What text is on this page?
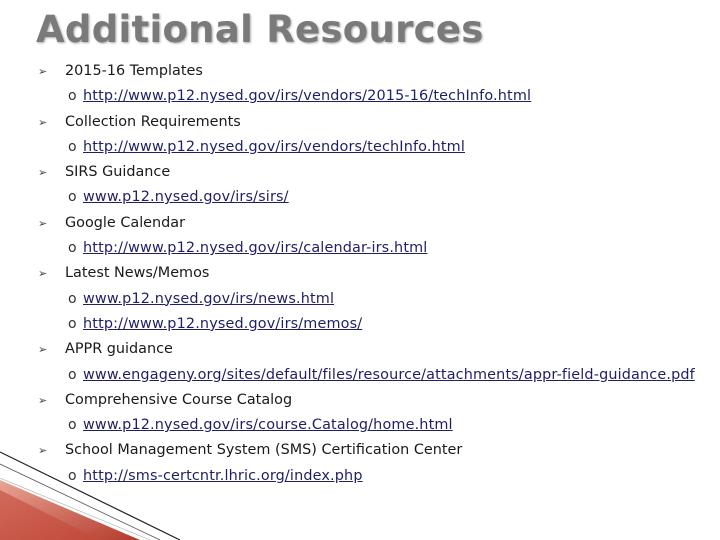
Additional Resources
➢ 2015-16 Templates
o http://www.p12.nysed.gov/irs/vendors/2015-16/techInfo.html
➢ Collection Requirements
o http://www.p12.nysed.gov/irs/vendors/techInfo.html
➢ SIRS Guidance
o www.p12.nysed.gov/irs/sirs/
➢ Google Calendar
o http://www.p12.nysed.gov/irs/calendar-irs.html
➢ Latest News/Memos
o www.p12.nysed.gov/irs/news.html
o http://www.p12.nysed.gov/irs/memos/
➢ APPR guidance
o www.engageny.org/sites/default/files/resource/attachments/appr-field-guidance.pdf
➢ Comprehensive Course Catalog
o www.p12.nysed.gov/irs/course.Catalog/home.html
➢ School Management System (SMS) Certification Center
o http://sms-certcntr.lhric.org/index.php
